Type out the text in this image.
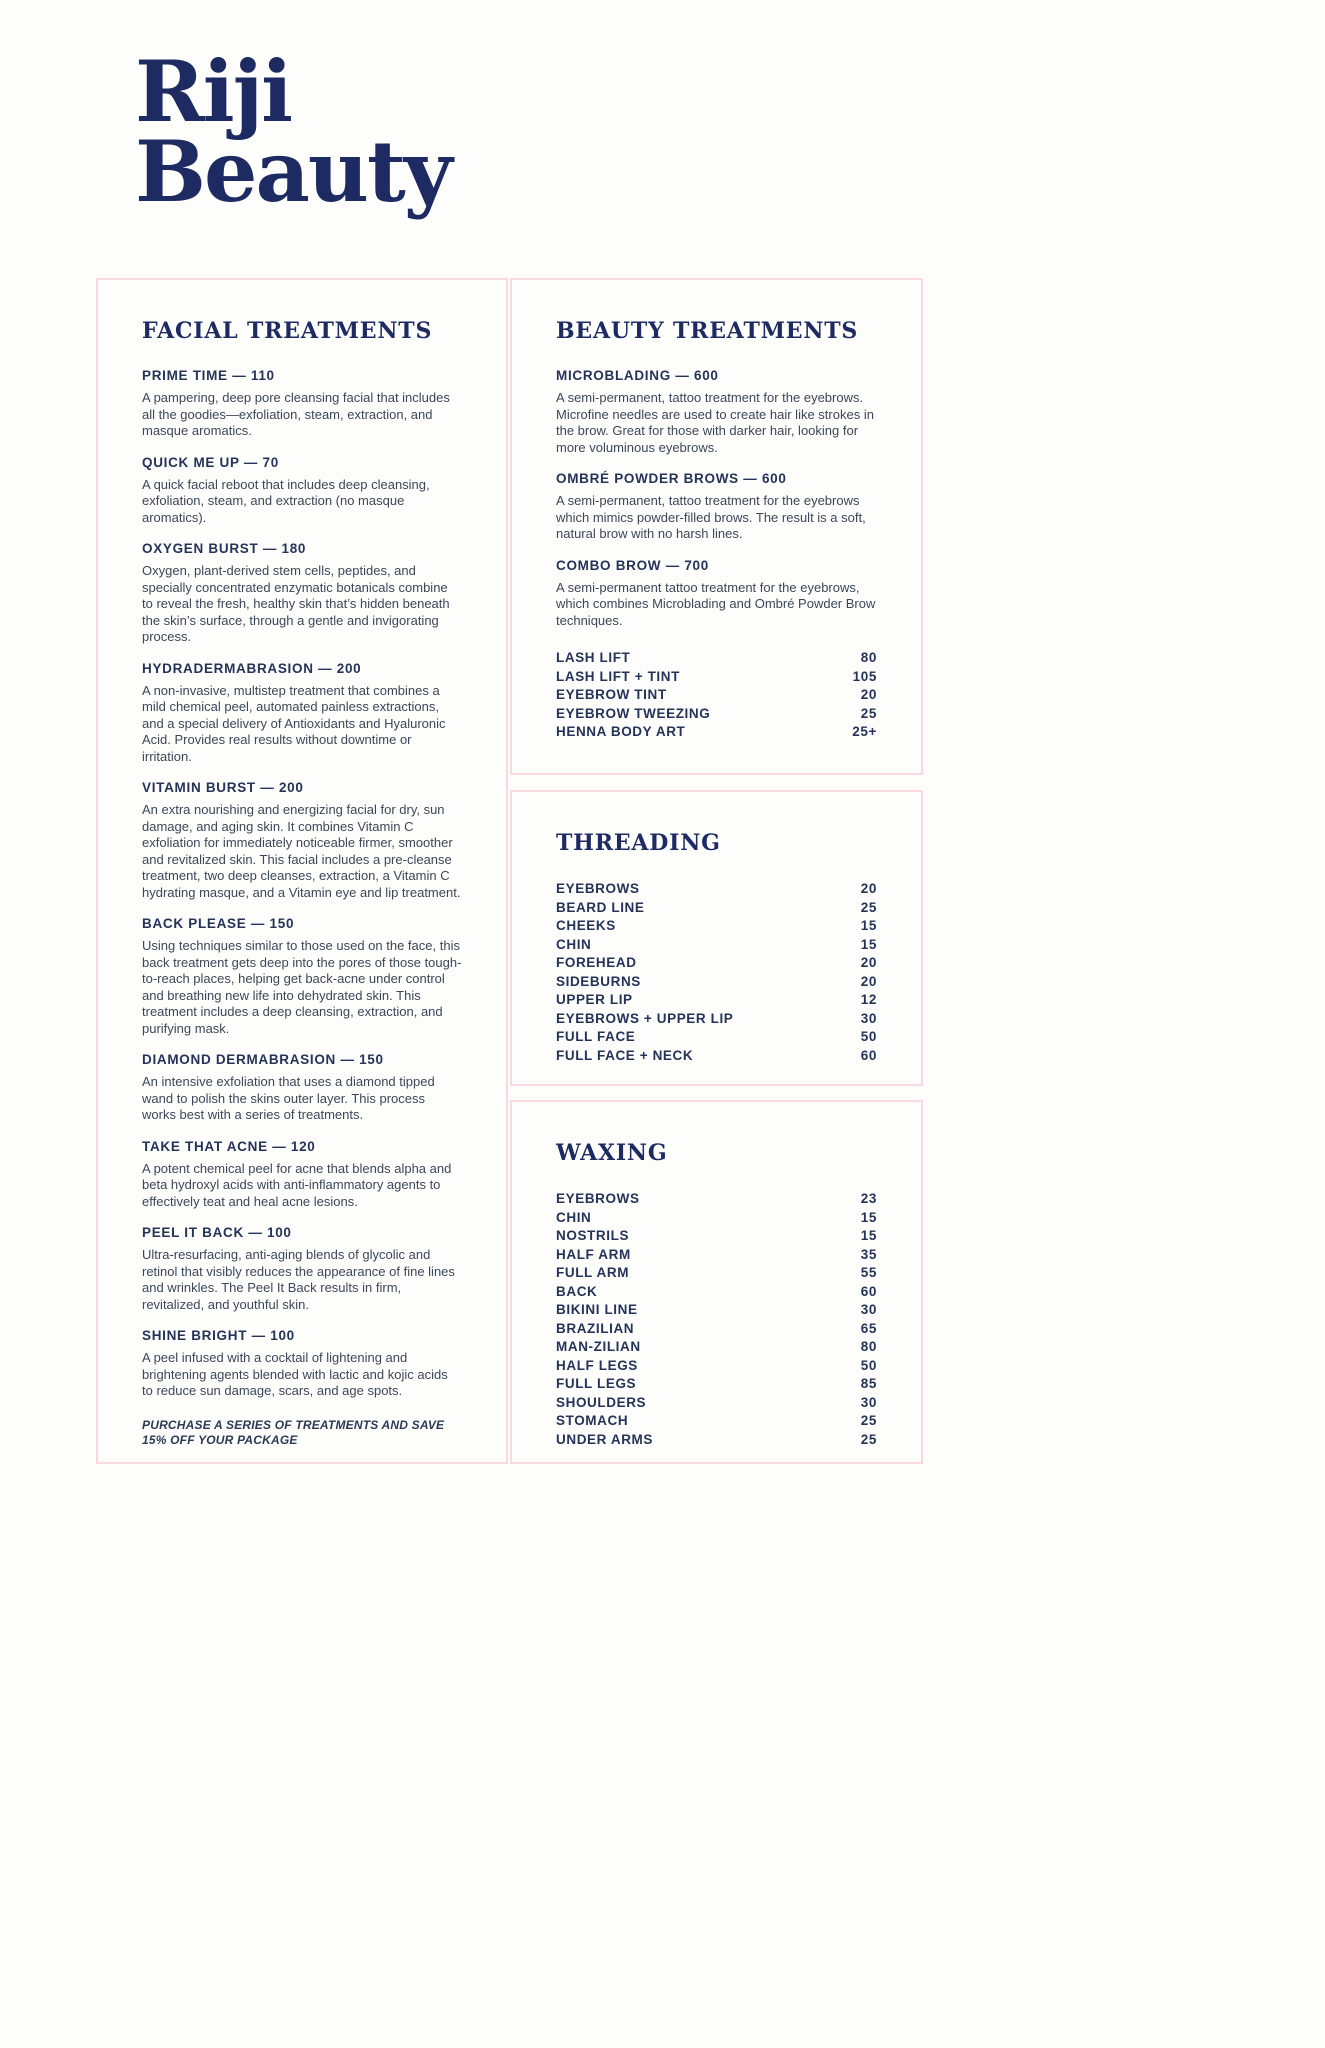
Riji
Beauty
FACIAL TREATMENTS
PRIME TIME — 110

A pampering, deep pore cleansing facial that includes all the goodies—exfoliation, steam, extraction, and masque aromatics.

QUICK ME UP — 70

A quick facial reboot that includes deep cleansing, exfoliation, steam, and extraction (no masque aromatics).

OXYGEN BURST — 180

Oxygen, plant-derived stem cells, peptides, and specially concentrated enzymatic botanicals combine to reveal the fresh, healthy skin that’s hidden beneath the skin’s surface, through a gentle and invigorating process.

HYDRADERMABRASION — 200

A non-invasive, multistep treatment that combines a mild chemical peel, automated painless extractions, and a special delivery of Antioxidants and Hyaluronic Acid. Provides real results without downtime or irritation.

VITAMIN BURST — 200

An extra nourishing and energizing facial for dry, sun damage, and aging skin. It combines Vitamin C exfoliation for immediately noticeable firmer, smoother and revitalized skin. This facial includes a pre-cleanse treatment, two deep cleanses, extraction, a Vitamin C hydrating masque, and a Vitamin eye and lip treatment.

BACK PLEASE — 150

Using techniques similar to those used on the face, this back treatment gets deep into the pores of those tough-to-reach places, helping get back-acne under control and breathing new life into dehydrated skin. This treatment includes a deep cleansing, extraction, and purifying mask.

DIAMOND DERMABRASION — 150

An intensive exfoliation that uses a diamond tipped wand to polish the skins outer layer. This process works best with a series of treatments.

TAKE THAT ACNE — 120

A potent chemical peel for acne that blends alpha and beta hydroxyl acids with anti-inflammatory agents to effectively teat and heal acne lesions.

PEEL IT BACK — 100

Ultra-resurfacing, anti-aging blends of glycolic and retinol that visibly reduces the appearance of fine lines and wrinkles. The Peel It Back results in firm, revitalized, and youthful skin.

SHINE BRIGHT — 100

A peel infused with a cocktail of lightening and brightening agents blended with lactic and kojic acids to reduce sun damage, scars, and age spots.

PURCHASE A SERIES OF TREATMENTS AND SAVE 15% OFF YOUR PACKAGE

BEAUTY TREATMENTS
MICROBLADING — 600

A semi-permanent, tattoo treatment for the eyebrows. Microfine needles are used to create hair like strokes in the brow. Great for those with darker hair, looking for more voluminous eyebrows.

OMBRÉ POWDER BROWS — 600

A semi-permanent, tattoo treatment for the eyebrows which mimics powder-filled brows. The result is a soft, natural brow with no harsh lines.

COMBO BROW — 700

A semi-permanent tattoo treatment for the eyebrows, which combines Microblading and Ombré Powder Brow techniques.

LASH LIFT	80
LASH LIFT + TINT	105
EYEBROW TINT	20
EYEBROW TWEEZING	25
HENNA BODY ART	25+
THREADING
EYEBROWS	20
BEARD LINE	25
CHEEKS	15
CHIN	15
FOREHEAD	20
SIDEBURNS	20
UPPER LIP	12
EYEBROWS + UPPER LIP	30
FULL FACE	50
FULL FACE + NECK	60
WAXING
EYEBROWS	23
CHIN	15
NOSTRILS	15
HALF ARM	35
FULL ARM	55
BACK	60
BIKINI LINE	30
BRAZILIAN	65
MAN-ZILIAN	80
HALF LEGS	50
FULL LEGS	85
SHOULDERS	30
STOMACH	25
UNDER ARMS	25
